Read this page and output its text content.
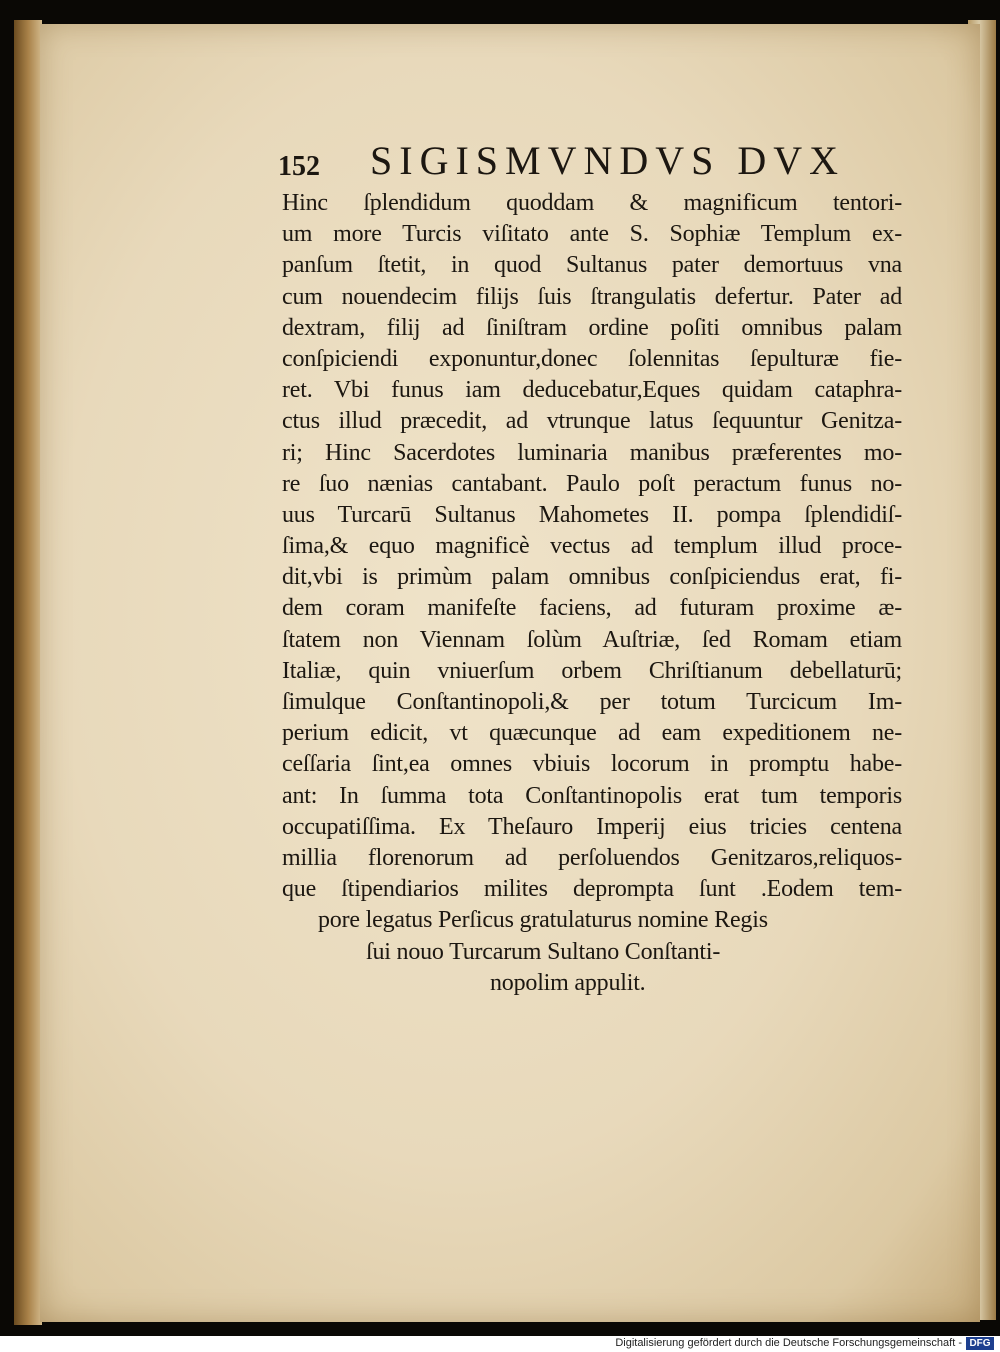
152 SIGISMVNDVS DVX
Hinc ſplendidum quoddam & magnificum tentori-
um more Turcis viſitato ante S. Sophiæ Templum ex-
panſum ſtetit, in quod Sultanus pater demortuus vna
cum nouendecim filijs ſuis ſtrangulatis defertur. Pater ad
dextram, filij ad ſiniſtram ordine poſiti omnibus palam
conſpiciendi exponuntur,donec ſolennitas ſepulturæ fie-
ret. Vbi funus iam deducebatur,Eques quidam cataphra-
ctus illud præcedit, ad vtrunque latus ſequuntur Genitza-
ri; Hinc Sacerdotes luminaria manibus præferentes mo-
re ſuo nænias cantabant. Paulo poſt peractum funus no-
uus Turcarū Sultanus Mahometes II. pompa ſplendidiſ-
ſima,& equo magnificè vectus ad templum illud proce-
dit,vbi is primùm palam omnibus conſpiciendus erat, fi-
dem coram manifeſte faciens, ad futuram proxime æ-
ſtatem non Viennam ſolùm Auſtriæ, ſed Romam etiam
Italiæ, quin vniuerſum orbem Chriſtianum debellaturū;
ſimulque Conſtantinopoli,& per totum Turcicum Im-
perium edicit, vt quæcunque ad eam expeditionem ne-
ceſſaria ſint,ea omnes vbiuis locorum in promptu habe-
ant: In ſumma tota Conſtantinopolis erat tum temporis
occupatiſſima. Ex Theſauro Imperij eius tricies centena
millia florenorum ad perſoluendos Genitzaros,reliquos-
que ſtipendiarios milites deprompta ſunt .Eodem tem-
pore legatus Perſicus gratulaturus nomine Regis
ſui nouo Turcarum Sultano Conſtanti-
nopolim appulit.
Digitalisierung gefördert durch die Deutsche Forschungsgemeinschaft - DFG
